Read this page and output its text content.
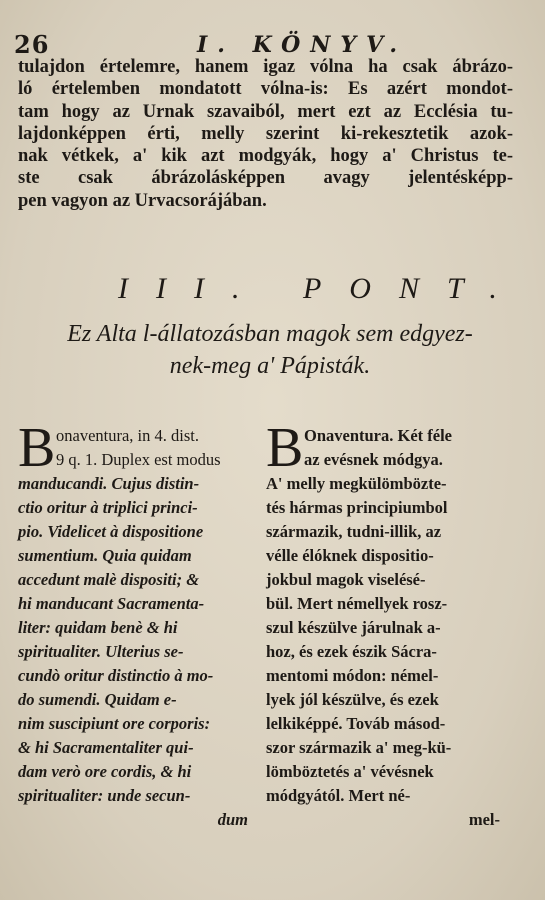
26	I. KÖNYV.
tulajdon értelemre, hanem igaz vólna ha csak ábrázo-
ló értelemben mondatott vólna-is: Es azért mondot-
tam hogy az Urnak szavaiból, mert ezt az Ecclésia tu-
lajdonképpen érti, melly szerint ki-rekesztetik azok-
nak vétkek, a' kik azt modgyák, hogy a' Christus te-
ste csak ábrázolásképpen avagy jelentésképp-
pen vagyon az Urvacsorájában.
III. PONT.
Ez Alta l-állatozásban magok sem edgyez-
nek-meg a' Pápisták.
B onaventura, in 4. dist.
9 q. 1. Duplex est modus
manducandi. Cujus distin-
ctio oritur à triplici princi-
pio. Videlicet à dispositione
sumentium. Quia quidam
accedunt malè dispositi; &
hi manducant Sacramenta-
liter: quidam benè & hi
spiritualiter. Ulterius se-
cundò oritur distinctio à mo-
do sumendi. Quidam e-
nim suscipiunt ore corporis:
& hi Sacramentaliter qui-
dam verò ore cordis, & hi
spiritualiter: unde secun-
dum
B Onaventura. Két féle
az evésnek módgya.
A' melly megkülömbözte-
tés hármas principiumbol
származik, tudni-illik, az
vélle élóknek dispositio-
jokbul magok viselésé-
bül. Mert némellyek rosz-
szul készülve járulnak a-
hoz, és ezek észik Sácra-
mentomi módon: némel-
lyek jól készülve, és ezek
lelkiképpé. Továb másod-
szor származik a' meg-kü-
lömböztetés a' vévésnek
módgyától. Mert né-
mel-
